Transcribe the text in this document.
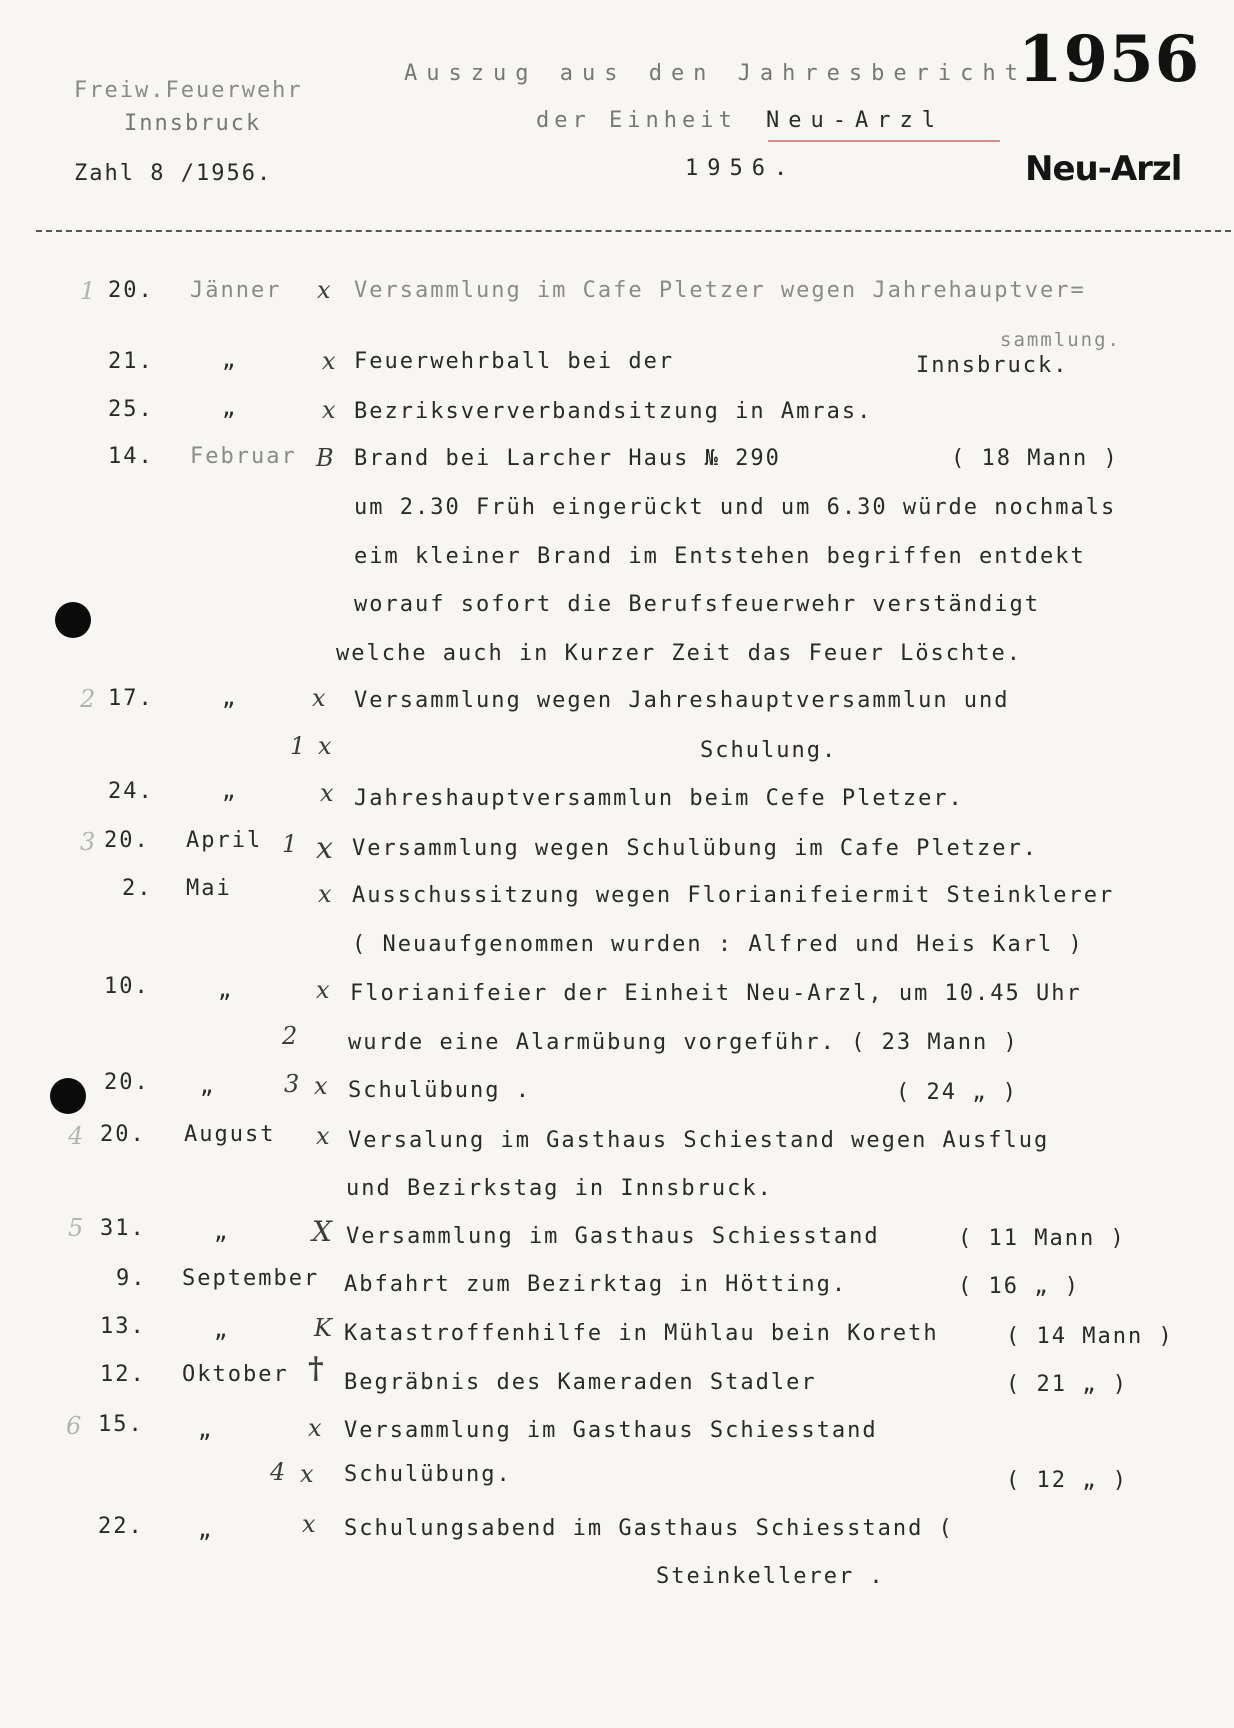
Freiw.Feuerwehr
Innsbruck
Zahl 8 /1956.
Auszug aus den Jahresbericht
der Einheit Neu-Arzl
1956.
1956
Neu-Arzl
1 20. Jänner x Versammlung im Cafe Pletzer wegen Jahrehauptver=
sammlung.
21.	„	x Feuerwehrball bei der	Innsbruck.
25.	„	x Bezriksververbandsitzung in Amras.
14. Februar B Brand bei Larcher Haus № 290	( 18 Mann )
um 2.30 Früh eingerückt und um 6.30 würde nochmals
eim kleiner Brand im Entstehen begriffen entdekt
worauf sofort die Berufsfeuerwehr verständigt
welche auch in Kurzer Zeit das Feuer Löschte.
2 17.	„	x Versammlung wegen Jahreshauptversammlun und
1 x	Schulung.
24.	„	x Jahreshauptversammlun beim Cefe Pletzer.
3 20. April 1 x Versammlung wegen Schulübung im Cafe Pletzer.
2. Mai	x Ausschussitzung wegen Florianifeiermit Steinklerer
( Neuaufgenommen wurden : Alfred und Heis Karl )
10.	„	x Florianifeier der Einheit Neu-Arzl, um 10.45 Uhr
2 wurde eine Alarmübung vorgeführ. ( 23 Mann )
20. „	3 x Schulübung .	( 24 „ )
4 20. August x Versalung im Gasthaus Schiestand wegen Ausflug
und Bezirkstag in Innsbruck.
5 31.	„	X Versammlung im Gasthaus Schiesstand	( 11 Mann )
9. September Abfahrt zum Bezirktag in Hötting.	( 16 „ )
13.	„	K Katastroffenhilfe in Mühlau bein Koreth	( 14 Mann )
12. Oktober † Begräbnis des Kameraden Stadler	( 21 „ )
6 15. „	x Versammlung im Gasthaus Schiesstand
4 x Schulübung.	( 12 „ )
22. „	x Schulungsabend im Gasthaus Schiesstand (
Steinkellerer .
